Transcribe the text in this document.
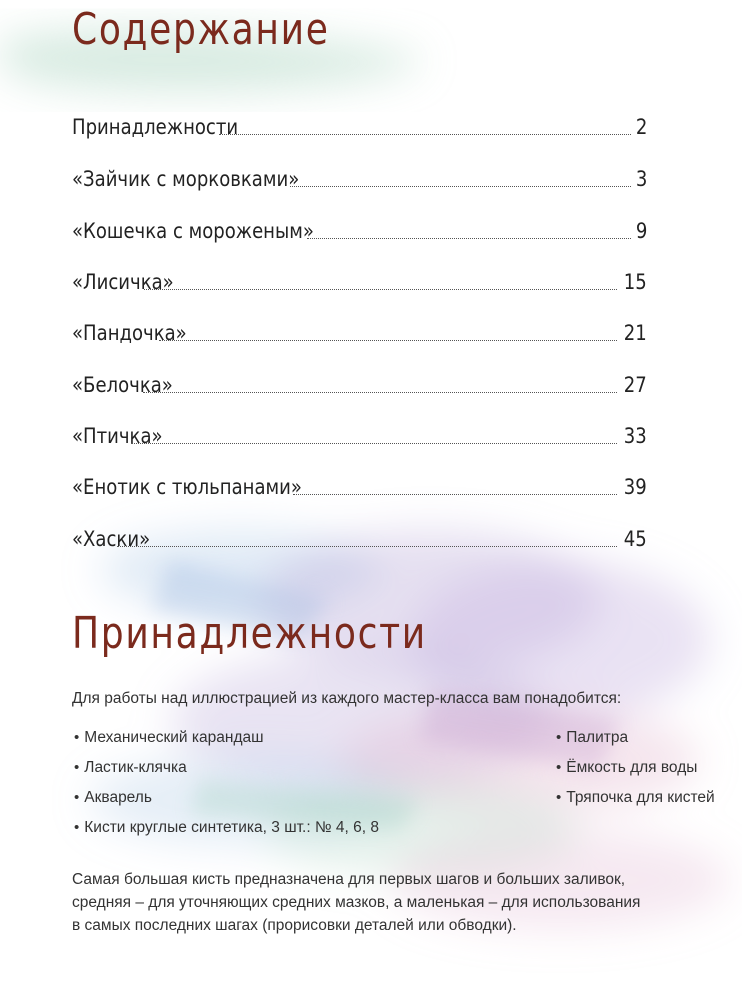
Содержание
Принадлежности	2
«Зайчик с морковками»	3
«Кошечка с мороженым»	9
«Лисичка»	15
«Пандочка»	21
«Белочка»	27
«Птичка»	33
«Енотик с тюльпанами»	39
«Хаски»	45
Принадлежности

Для работы над иллюстрацией из каждого мастер-класса вам понадобится:

• Механический карандаш
• Ластик-клячка
• Акварель
• Кисти круглые синтетика, 3 шт.: № 4, 6, 8
• Палитра
• Ёмкость для воды
• Тряпочка для кистей

Самая большая кисть предназначена для первых шагов и больших заливок,
средняя – для уточняющих средних мазков, а маленькая – для использования
в самых последних шагах (прорисовки деталей или обводки).
